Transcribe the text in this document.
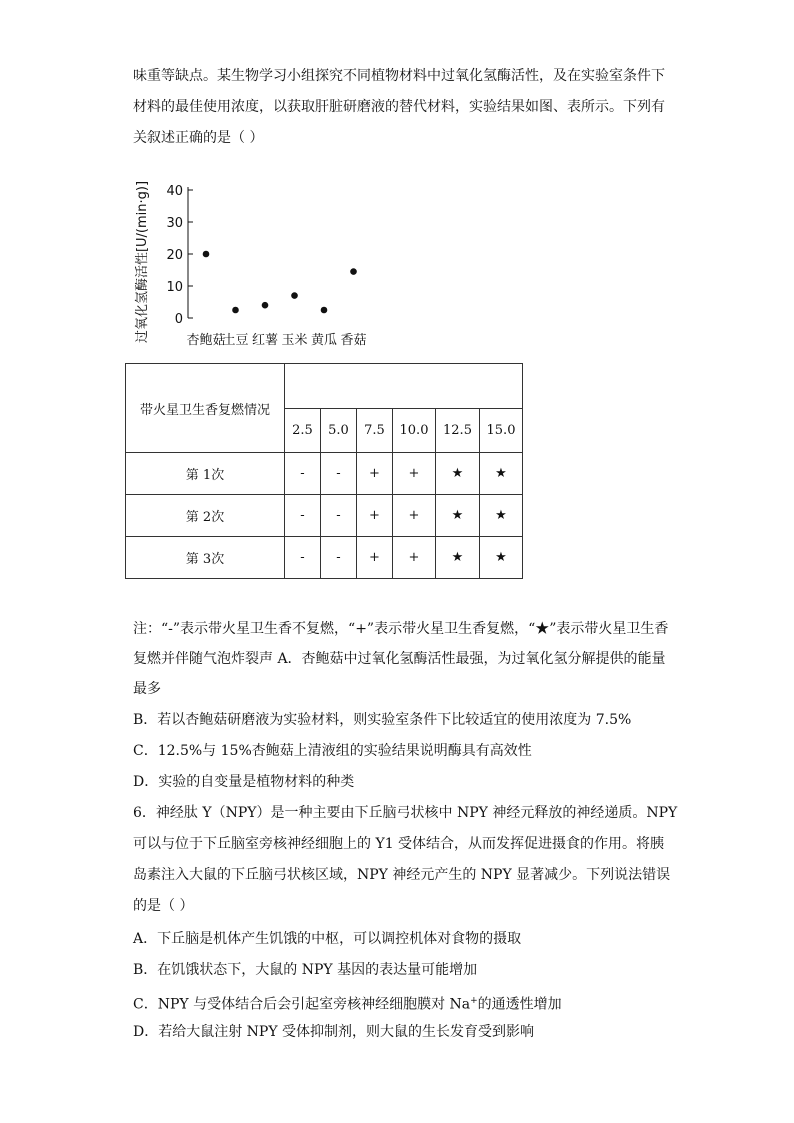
味重等缺点。某生物学习小组探究不同植物材料中过氧化氢酶活性，及在实验室条件下
材料的最佳使用浓度，以获取肝脏研磨液的替代材料，实验结果如图、表所示。下列有
关叙述正确的是（ ）
过氧化氢酶活性[U/(min·g)] 0
10
20
30
40
杏鲍菇
土豆 红薯 玉米 黄瓜 香菇
带火星卫生香复燃情况						
	2.5	5.0	7.5	10.0	12.5	15.0
第 1次	-	-	+	+	★	★
第 2次	-	-	+	+	★	★
第 3次	-	-	+	+	★	★
注：“-”表示带火星卫生香不复燃，“+”表示带火星卫生香复燃，“★”表示带火星卫生香
复燃并伴随气泡炸裂声 A．杏鲍菇中过氧化氢酶活性最强，为过氧化氢分解提供的能量
最多
B．若以杏鲍菇研磨液为实验材料，则实验室条件下比较适宜的使用浓度为 7.5%
C．12.5%与 15%杏鲍菇上清液组的实验结果说明酶具有高效性
D．实验的自变量是植物材料的种类
6．神经肽 Y（NPY）是一种主要由下丘脑弓状核中 NPY 神经元释放的神经递质。NPY
可以与位于下丘脑室旁核神经细胞上的 Y1 受体结合，从而发挥促进摄食的作用。将胰
岛素注入大鼠的下丘脑弓状核区域，NPY 神经元产生的 NPY 显著减少。下列说法错误
的是（ ）
A．下丘脑是机体产生饥饿的中枢，可以调控机体对食物的摄取
B．在饥饿状态下，大鼠的 NPY 基因的表达量可能增加
C．NPY 与受体结合后会引起室旁核神经细胞膜对 Na+的通透性增加
D．若给大鼠注射 NPY 受体抑制剂，则大鼠的生长发育受到影响
